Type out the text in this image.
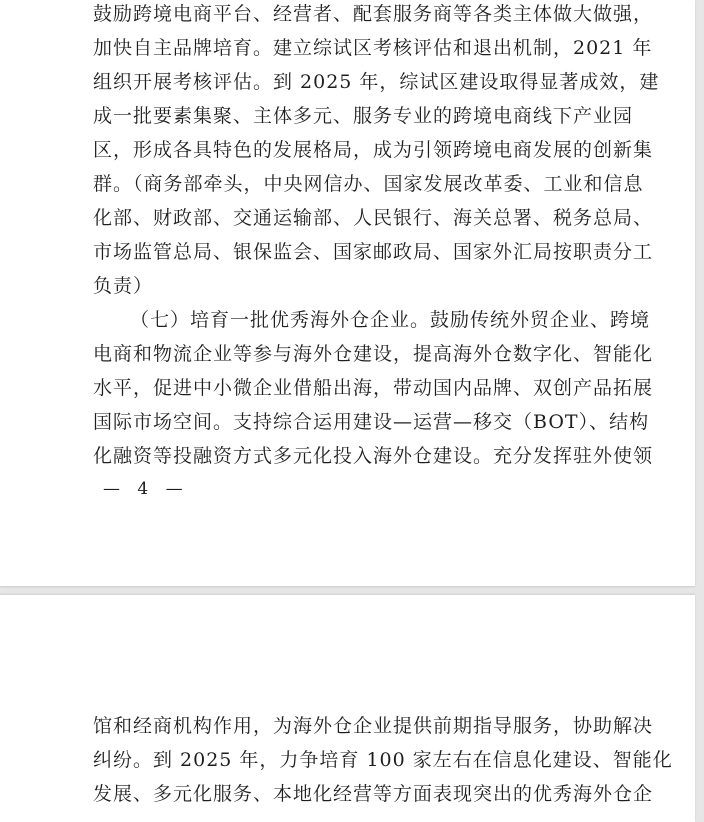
鼓励跨境电商平台、经营者、配套服务商等各类主体做大做强，
加快自主品牌培育。建立综试区考核评估和退出机制，2021 年
组织开展考核评估。到 2025 年，综试区建设取得显著成效，建
成一批要素集聚、主体多元、服务专业的跨境电商线下产业园
区，形成各具特色的发展格局，成为引领跨境电商发展的创新集
群。（商务部牵头，中央网信办、国家发展改革委、工业和信息
化部、财政部、交通运输部、人民银行、海关总署、税务总局、
市场监管总局、银保监会、国家邮政局、国家外汇局按职责分工
负责）
（七）培育一批优秀海外仓企业。鼓励传统外贸企业、跨境
电商和物流企业等参与海外仓建设，提高海外仓数字化、智能化
水平，促进中小微企业借船出海，带动国内品牌、双创产品拓展
国际市场空间。支持综合运用建设—运营—移交（BOT）、结构
化融资等投融资方式多元化投入海外仓建设。充分发挥驻外使领
— 4 —
馆和经商机构作用，为海外仓企业提供前期指导服务，协助解决
纠纷。到 2025 年，力争培育 100 家左右在信息化建设、智能化
发展、多元化服务、本地化经营等方面表现突出的优秀海外仓企
